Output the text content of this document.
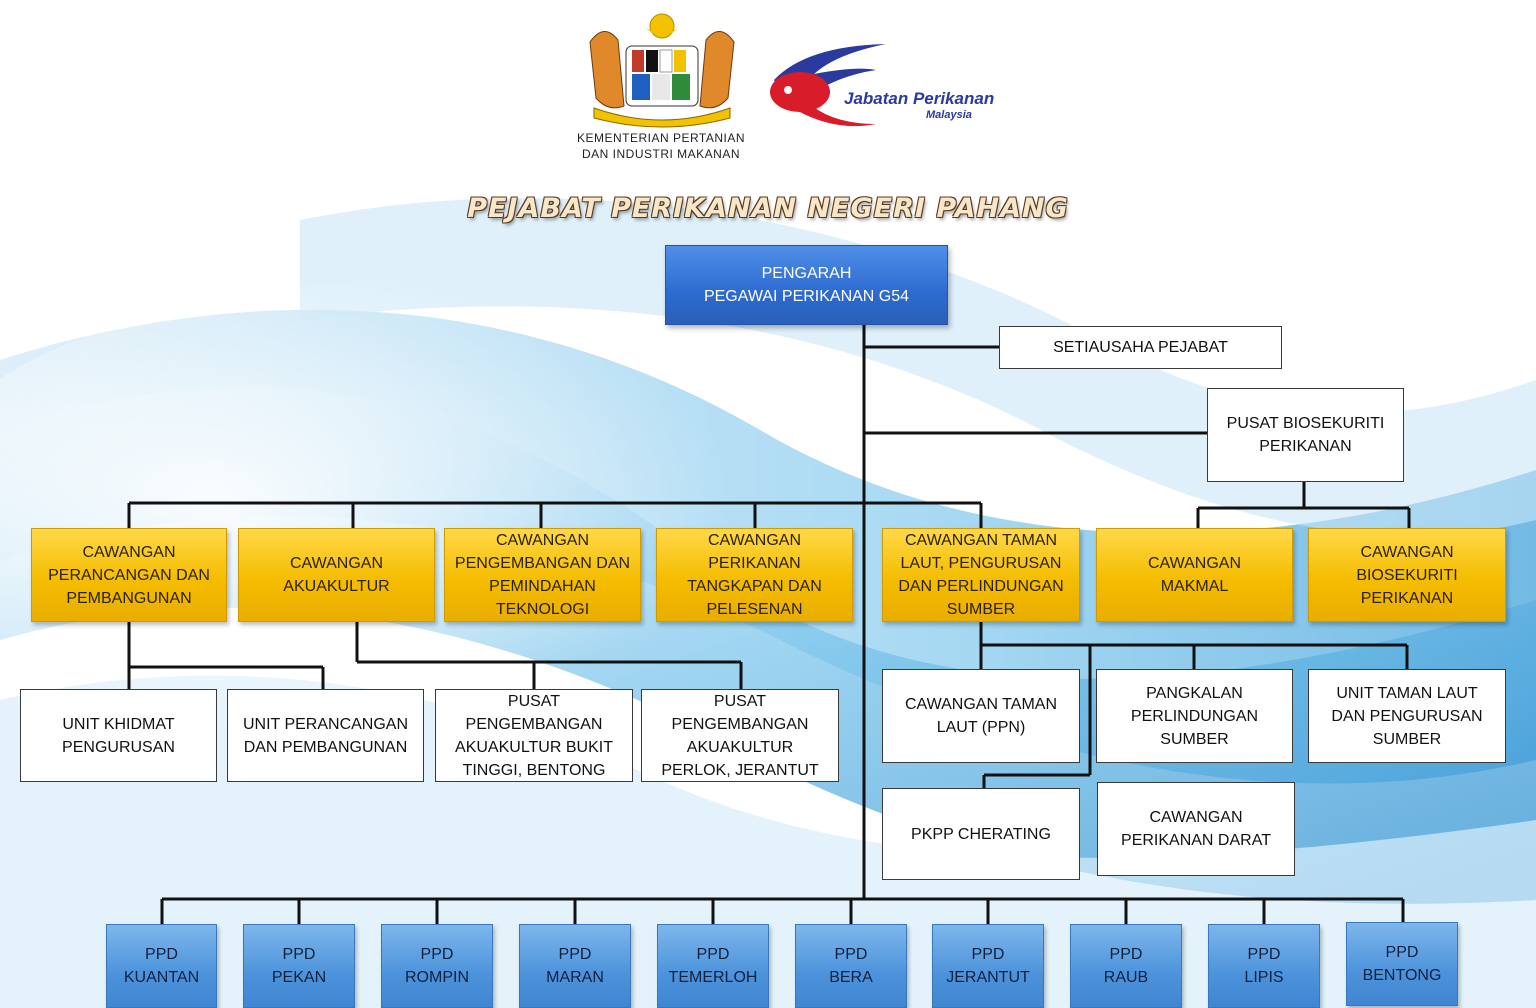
KEMENTERIAN PERTANIAN
DAN INDUSTRI MAKANAN
Jabatan Perikanan
Malaysia
PEJABAT PERIKANAN NEGERI PAHANG
PENGARAH
PEGAWAI PERIKANAN G54
SETIAUSAHA PEJABAT
PUSAT BIOSEKURITI
PERIKANAN
CAWANGAN
PERANCANGAN DAN
PEMBANGUNAN
CAWANGAN
AKUAKULTUR
CAWANGAN
PENGEMBANGAN DAN
PEMINDAHAN
TEKNOLOGI
CAWANGAN
PERIKANAN
TANGKAPAN DAN
PELESENAN
CAWANGAN TAMAN
LAUT, PENGURUSAN
DAN PERLINDUNGAN
SUMBER
CAWANGAN
MAKMAL
CAWANGAN
BIOSEKURITI
PERIKANAN
UNIT KHIDMAT
PENGURUSAN
UNIT PERANCANGAN
DAN PEMBANGUNAN
PUSAT
PENGEMBANGAN
AKUAKULTUR BUKIT
TINGGI, BENTONG
PUSAT
PENGEMBANGAN
AKUAKULTUR
PERLOK, JERANTUT
CAWANGAN TAMAN
LAUT (PPN)
PANGKALAN
PERLINDUNGAN
SUMBER
UNIT TAMAN LAUT
DAN PENGURUSAN
SUMBER
PKPP CHERATING
CAWANGAN
PERIKANAN DARAT
PPD
KUANTAN
PPD
PEKAN
PPD
ROMPIN
PPD
MARAN
PPD
TEMERLOH
PPD
BERA
PPD
JERANTUT
PPD
RAUB
PPD
LIPIS
PPD
BENTONG
